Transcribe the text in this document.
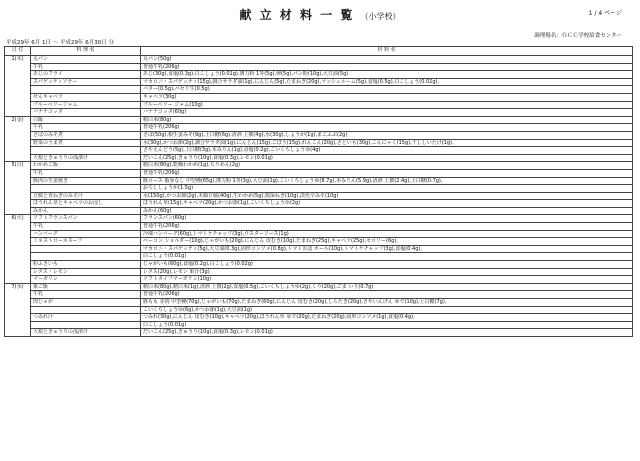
献 立 材 料 一 覧 （小学校）	1 / 4 ページ
調理場名：ＧＣＣ学校給食センター
平成29年 6月 1日 ～ 平成29年 6月30日 分
日 付	料 理 名	材 料 名
1(木)	丸パン	丸パン(50g)
	牛乳	普通牛乳(206g)
	あじのフライ	あじ(30g),食塩(0.3g),白こしょう(0.01g),薄力粉 1等(5g),卵(5g),パン粉(10g),大豆油(5g)
	スパゲッティソテー	マカロニ・スパゲッティ(15g),調合サラダ油(1g),にんじん(5g),たまねぎ(20g),マッシュルーム(5g),食塩(0.5g),白こしょう(0.02g),
		バター(0.5g),パセリ生(0.5g)
	せんキャベツ	キャベツ(30g)
	ブルーベリージャム	ブルーベリー ジャム(10g)
	バナナコッタ	バナナコッタ(60g)
2(金)	白飯	精白米(80g)
	牛乳	普通牛乳(206g)
	さばのみそ煮	さば(50g),根生姜みそ(9g),上白糖(6g),清酒 上撰(4g),水(30g),しょうが(1g),まごふぶ(2g)
	野菜のうま煮	水(30g),かつお節(2g),調合サラダ油(1g),にんじん(15g),ごぼう(15g),れんこん(20g),さといも(30g),こんにゃく(15g),干ししいたけ(1g),
		さやえんどう(5g),上白糖(3g),本みりん(1g),食塩(0.2g),こいくちしょうゆ(4g)
	大根ときゅうりの浅漬け	だいこん(25g),きゅうり(10g),食塩(0.3g),レモン(0.01g)
5(月)	わかめご飯	精白米(80g),乾燥わかめ(1g),ちりめん(2g)
	牛乳	普通牛乳(206g)
	豚肉の生姜焼き	豚ロース 脂身なし 中型種(65g),薄力粉 1等(3g),大豆油(1g),こいくちしょうゆ(8.7g),本みりん(5.9g),清酒 上撰(2.4g),上白糖(0.7g),
		おろししょうが(1.5g)
	豆腐と青ねぎのみそ汁	水(150g),かつお節(2g),木綿豆腐(40g),生わかめ(5g),根深ねぎ(10g),淡色辛みそ(10g)
	ほうれん草とキャベツのお浸し	ほうれん草(15g),キャベツ(20g),かつお節(1g),こいくちしょうゆ(2g)
	みかん	みかん(60g)
6(火)	ソフトフランスパン	フランスパン(60g)
	牛乳	普通牛乳(206g)
	ハンバーグ	冷凍ハンバーグ(60g),トマトケチャップ(3g),ウスターソース(1g)
	ミネストローネスープ	ベーコン ショルダー(10g),じゃがいも(20g),にんじん 皮むき(10g),たまねぎ(25g),キャベツ(25g),セロリー(6g),
		マカロニ・スパゲッティ(5g),大豆油(0.3g),固形コンソメ(0.8g),トマト缶詰 ホール(10g),トマトケチャップ(3g),食塩(0.4g),
		白こしょう(0.01g)
	粉ふきいも	じゃがいも(60g),食塩(0.2g),白こしょう(0.02g)
	レタス・レモン	レタス(20g),レモン 果汁(3g)
	マーガリン	ソフトタイプマーガリン(10g)
7(水)	栗ご飯	精白米(80g),精白米(1g),清酒 上撰(2g),食塩(0.5g),こいくちしょうゆ(2g),くり(20g),ごま いり(0.7g)
	牛乳	普通牛乳(206g)
	肉じゃが	豚もも 赤肉 中型種(70g),じゃがいも(70g),たまねぎ(60g),にんじん 皮むき(20g),しらたき(20g),さやいんげん ゆで(10g),上白糖(7g),
		こいくちしょうゆ(6g),かつお節(1g),大豆油(1g)
	つみれ汁	つみれ(30g),にんじん 皮むき(10g),キャベツ(20g),ほうれん草 ゆで(20g),たまねぎ(20g),固形コンソメ(1g),食塩(0.4g),
		白こしょう(0.01g)
	大根ときゅうりの浅漬け	だいこん(25g),きゅうり(10g),食塩(0.3g),レモン(0.01g)
